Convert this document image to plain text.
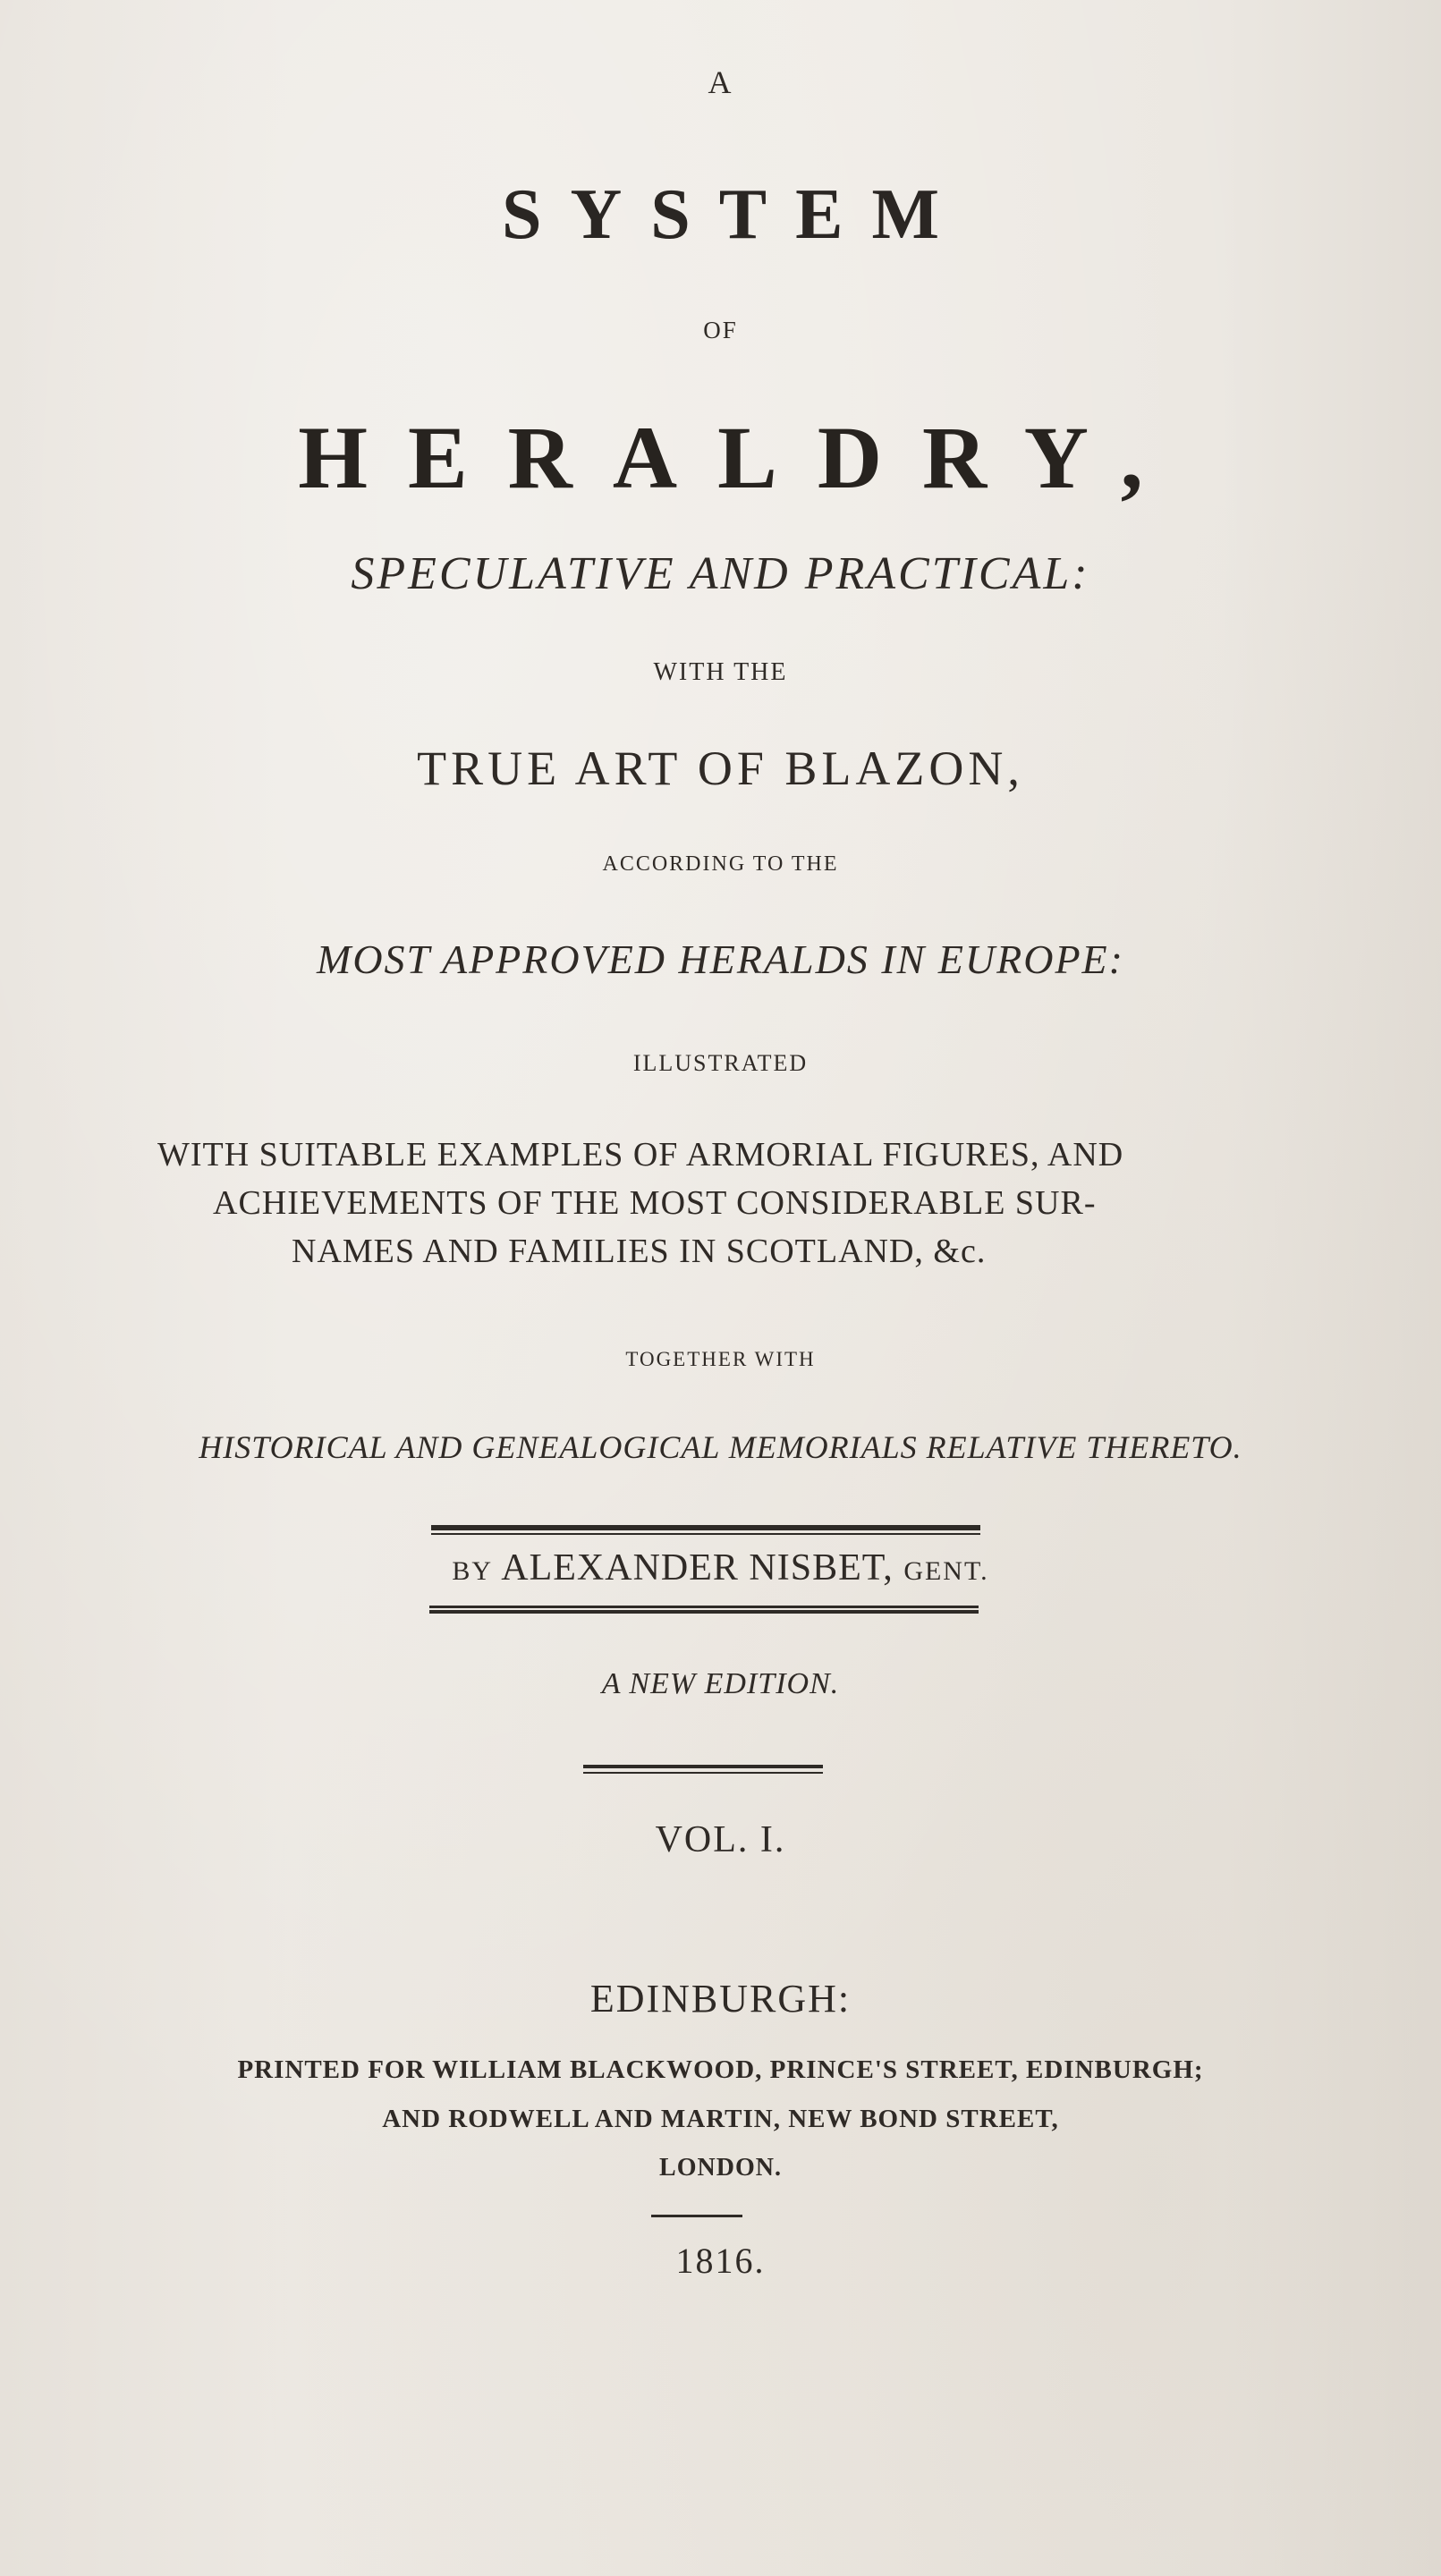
A
SYSTEM
OF
HERALDRY,
SPECULATIVE AND PRACTICAL:
WITH THE
TRUE ART OF BLAZON,
ACCORDING TO THE
MOST APPROVED HERALDS IN EUROPE:
ILLUSTRATED
WITH SUITABLE EXAMPLES OF ARMORIAL FIGURES, AND
ACHIEVEMENTS OF THE MOST CONSIDERABLE SUR-
NAMES AND FAMILIES IN SCOTLAND, &c.
TOGETHER WITH
HISTORICAL AND GENEALOGICAL MEMORIALS RELATIVE THERETO.
BY ALEXANDER NISBET, GENT.
A NEW EDITION.
VOL. I.
EDINBURGH:
PRINTED FOR WILLIAM BLACKWOOD, PRINCE'S STREET, EDINBURGH;
AND RODWELL AND MARTIN, NEW BOND STREET,
LONDON.
1816.
